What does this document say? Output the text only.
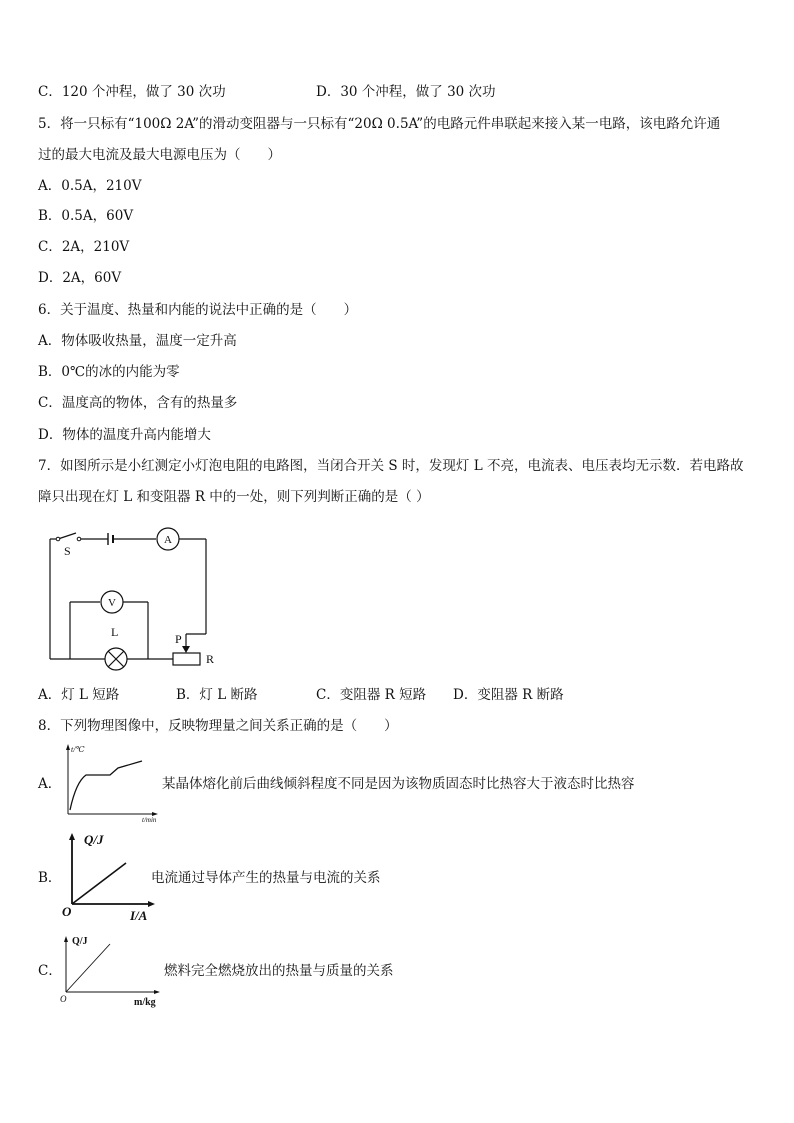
C．120 个冲程，做了 30 次功	D．30 个冲程，做了 30 次功
5．将一只标有“100Ω 2A”的滑动变阻器与一只标有“20Ω 0.5A”的电路元件串联起来接入某一电路，该电路允许通
过的最大电流及最大电源电压为（　　）
A．0.5A，210V
B．0.5A，60V
C．2A，210V
D．2A，60V
6．关于温度、热量和内能的说法中正确的是（　　）
A．物体吸收热量，温度一定升高
B．0℃的冰的内能为零
C．温度高的物体，含有的热量多
D．物体的温度升高内能增大
7．如图所示是小红测定小灯泡电阻的电路图，当闭合开关 S 时，发现灯 L 不亮，电流表、电压表均无示数．若电路故
障只出现在灯 L 和变阻器 R 中的一处，则下列判断正确的是（ ）
S
A
V
L	P
R
A．灯 L 短路	B．灯 L 断路	C．变阻器 R 短路 D．变阻器 R 断路
8．下列物理图像中，反映物理量之间关系正确的是（　　）
A．
t/℃
t/min
某晶体熔化前后曲线倾斜程度不同是因为该物质固态时比热容大于液态时比热容
B．
Q/J
I/A
O
电流通过导体产生的热量与电流的关系
C．
Q/J
m/kg
O
燃料完全燃烧放出的热量与质量的关系
